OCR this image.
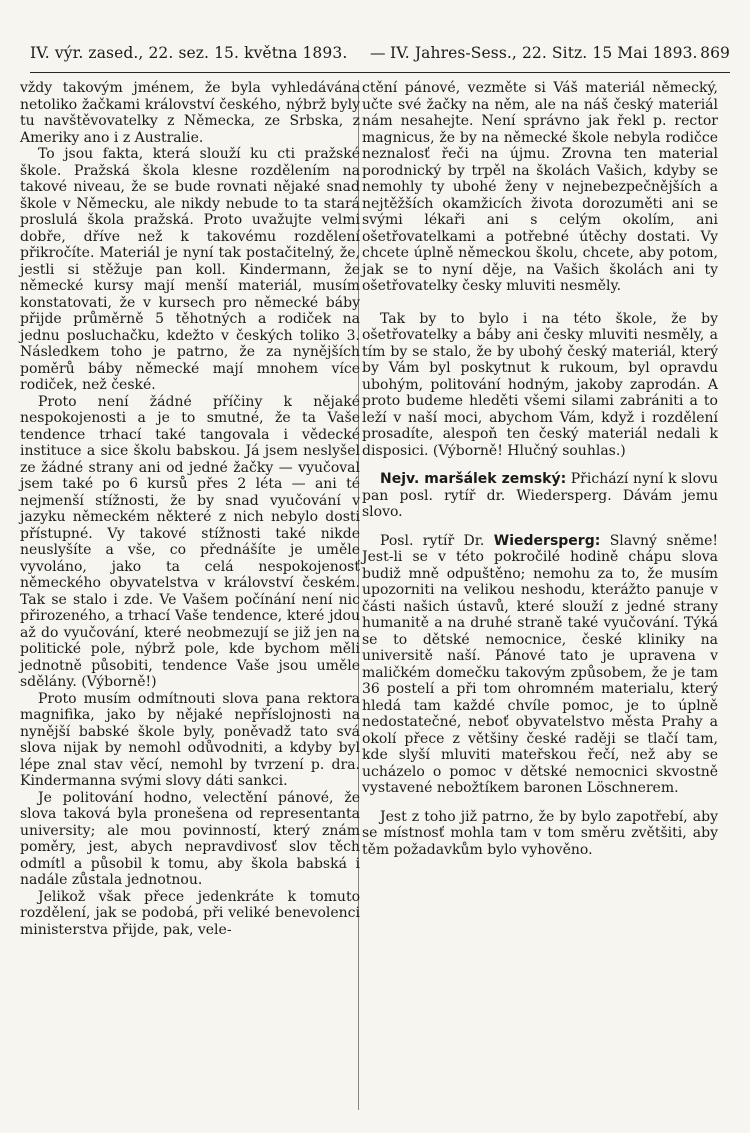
IV. výr. zased., 22. sez. 15. května 1893. — IV. Jahres-Sess., 22. Sitz. 15 Mai 1893. 869

vždy takovým jménem, že byla vyhledávána netoliko žačkami království českého, nýbrž byly tu navštěvovatelky z Německa, ze Srbska, z Ameriky ano i z Australie.

To jsou fakta, která slouží ku cti pražské škole. Pražská škola klesne rozdělením na takové niveau, že se bude rovnati nějaké snad škole v Německu, ale nikdy nebude to ta stará proslulá škola pražská. Proto uvažujte velmi dobře, dříve než k takovému rozdělení přikročíte. Materiál je nyní tak postačitelný, že, jestli si stěžuje pan koll. Kindermann, že německé kursy mají menší materiál, musím konstatovati, že v kursech pro německé báby přijde průměrně 5 těhotných a rodiček na jednu posluchačku, kdežto v českých toliko 3. Následkem toho je patrno, že za nynějších poměrů báby německé mají mnohem více rodiček, než české.

Proto není žádné příčiny k nějaké nespokojenosti a je to smutné, že ta Vaše tendence trhací také tangovala i vědecké instituce a sice školu babskou. Já jsem neslyšel ze žádné strany ani od jedné žačky — vyučoval jsem také po 6 kursů přes 2 léta — ani té nejmenší stížnosti, že by snad vyučování v jazyku německém některé z nich nebylo dosti přístupné. Vy takové stížnosti také nikde neuslyšíte a vše, co přednášíte je uměle vyvoláno, jako ta celá nespokojenosť německého obyvatelstva v království českém. Tak se stalo i zde. Ve Vašem počínání není nic přirozeného, a trhací Vaše tendence, které jdou až do vyučování, které neobmezují se již jen na politické pole, nýbrž pole, kde bychom měli jednotně působiti, tendence Vaše jsou uměle sdělány. (Výborně!)

Proto musím odmítnouti slova pana rektora magnifika, jako by nějaké nepříslojnosti na nynější babské škole byly, poněvadž tato svá slova nijak by nemohl odůvodniti, a kdyby byl lépe znal stav věcí, nemohl by tvrzení p. dra. Kindermanna svými slovy dáti sankci.

Je politování hodno, velectění pánové, že slova taková byla pronešena od representanta university; ale mou povinností, který znám poměry, jest, abych nepravdivosť slov těch odmítl a působil k tomu, aby škola babská i nadále zůstala jednotnou.

Jelikož však přece jedenkráte k tomuto rozdělení, jak se podobá, při veliké benevolenci ministerstva přijde, pak, vele-

ctění pánové, vezměte si Váš materiál německý, učte své žačky na něm, ale na náš český materiál nám nesahejte. Není správno jak řekl p. rector magnicus, že by na německé škole nebyla rodičce neznalosť řeči na újmu. Zrovna ten material porodnický by trpěl na školách Vašich, kdyby se nemohly ty ubohé ženy v nejnebezpečnějších a nejtěžších okamžicích života dorozuměti ani se svými lékaři ani s celým okolím, ani ošetřovatelkami a potřebné útěchy dostati. Vy chcete úplně německou školu, chcete, aby potom, jak se to nyní děje, na Vašich školách ani ty ošetřovatelky česky mluviti nesměly.

Tak by to bylo i na této škole, že by ošetřovatelky a báby ani česky mluviti nesměly, a tím by se stalo, že by ubohý český materiál, který by Vám byl poskytnut k rukoum, byl opravdu ubohým, politování hodným, jakoby zaprodán. A proto budeme hleděti všemi silami zabrániti a to leží v naší moci, abychom Vám, když i rozdělení prosadíte, alespoň ten český materiál nedali k disposici. (Výborně! Hlučný souhlas.)

Nejv. maršálek zemský: Přichází nyní k slovu pan posl. rytíř dr. Wiedersperg. Dávám jemu slovo.

Posl. rytíř Dr. Wiedersperg: Slavný sněme! Jest-li se v této pokročilé hodině chápu slova budiž mně odpuštěno; nemohu za to, že musím upozorniti na velikou neshodu, kterážto panuje v části našich ústavů, které slouží z jedné strany humanitě a na druhé straně také vyučování. Týká se to dětské nemocnice, české kliniky na universitě naší. Pánové tato je upravena v maličkém domečku takovým způsobem, že je tam 36 postelí a při tom ohromném materialu, který hledá tam každé chvíle pomoc, je to úplně nedostatečné, neboť obyvatelstvo města Prahy a okolí přece z většiny české raději se tlačí tam, kde slyší mluviti mateřskou řečí, než aby se ucházelo o pomoc v dětské nemocnici skvostně vystavené nebožtíkem baronen Löschnerem.

Jest z toho již patrno, že by bylo zapotřebí, aby se místnosť mohla tam v tom směru zvětšiti, aby těm požadavkům bylo vyhověno.
